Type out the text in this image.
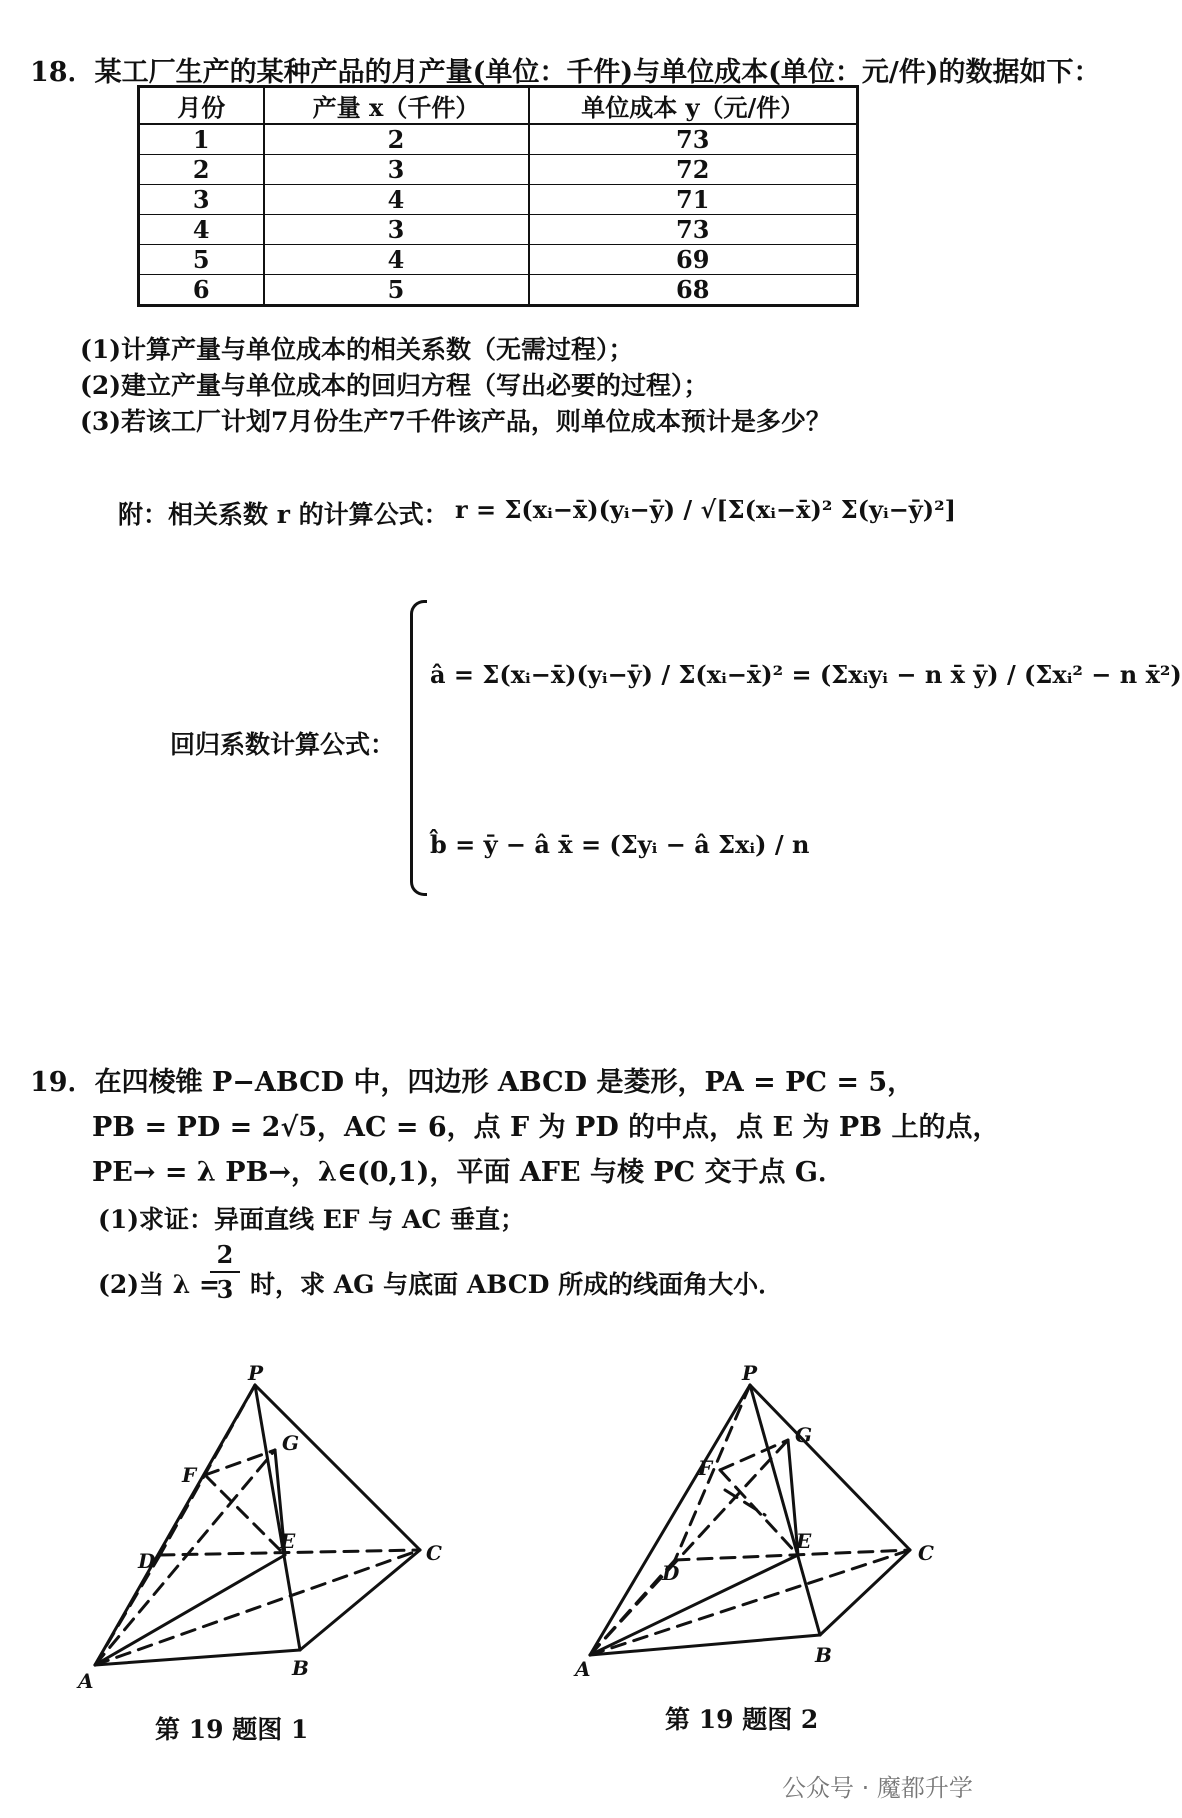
18．某工厂生产的某种产品的月产量(单位：千件)与单位成本(单位：元/件)的数据如下：
月份	产量 x（千件）	单位成本 y（元/件）
1	2	73
2	3	72
3	4	71
4	3	73
5	4	69
6	5	68
(1)计算产量与单位成本的相关系数（无需过程）；
(2)建立产量与单位成本的回归方程（写出必要的过程）；
(3)若该工厂计划7月份生产7千件该产品，则单位成本预计是多少？
附：相关系数 r 的计算公式： r = Σ(xᵢ−x̄)(yᵢ−ȳ) / √[Σ(xᵢ−x̄)² Σ(yᵢ−ȳ)²]
回归系数计算公式：
â = Σ(xᵢ−x̄)(yᵢ−ȳ) / Σ(xᵢ−x̄)² = (Σxᵢyᵢ − n x̄ ȳ) / (Σxᵢ² − n x̄²)
b̂ = ȳ − â x̄ = (Σyᵢ − â Σxᵢ) / n
19．在四棱锥 P−ABCD 中，四边形 ABCD 是菱形，PA = PC = 5，
PB = PD = 2√5，AC = 6，点 F 为 PD 的中点，点 E 为 PB 上的点，
PE→ = λ PB→，λ∈(0,1)，平面 AFE 与棱 PC 交于点 G．
(1)求证：异面直线 EF 与 AC 垂直；
(2)当 λ =
2
3 时，求 AG 与底面 ABCD 所成的线面角大小．
P
G
F
D
E	C
A
B
第 19 题图 1
P
G
F
D
E	C
A
B
第 19 题图 2
公众号 · 魔都升学
